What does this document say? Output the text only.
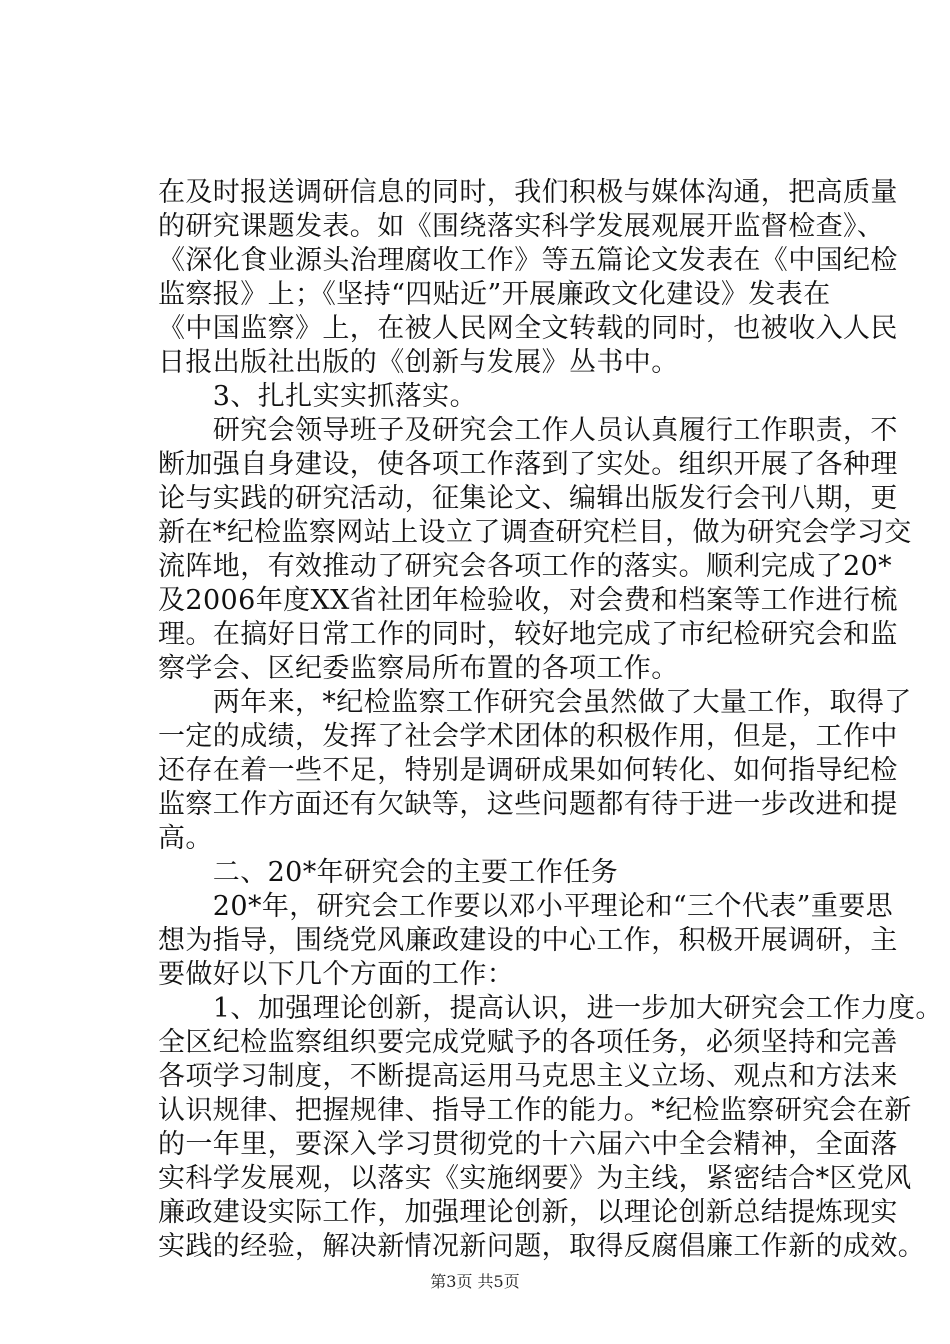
在及时报送调研信息的同时，我们积极与媒体沟通，把高质量
的研究课题发表。如《围绕落实科学发展观展开监督检查》、
《深化食业源头治理腐收工作》等五篇论文发表在《中国纪检
监察报》上；《坚持“四贴近”开展廉政文化建设》发表在
《中国监察》上，在被人民网全文转载的同时，也被收入人民
日报出版社出版的《创新与发展》丛书中。
　　3、扎扎实实抓落实。
　　研究会领导班子及研究会工作人员认真履行工作职责，不
断加强自身建设，使各项工作落到了实处。组织开展了各种理
论与实践的研究活动，征集论文、编辑出版发行会刊八期，更
新在*纪检监察网站上设立了调查研究栏目，做为研究会学习交
流阵地，有效推动了研究会各项工作的落实。顺利完成了20*
及2006年度XX省社团年检验收，对会费和档案等工作进行梳
理。在搞好日常工作的同时，较好地完成了市纪检研究会和监
察学会、区纪委监察局所布置的各项工作。
　　两年来，*纪检监察工作研究会虽然做了大量工作，取得了
一定的成绩，发挥了社会学术团体的积极作用，但是，工作中
还存在着一些不足，特别是调研成果如何转化、如何指导纪检
监察工作方面还有欠缺等，这些问题都有待于进一步改进和提
高。
　　二、20*年研究会的主要工作任务
　　20*年，研究会工作要以邓小平理论和“三个代表”重要思
想为指导，围绕党风廉政建设的中心工作，积极开展调研，主
要做好以下几个方面的工作：
　　1、加强理论创新，提高认识，进一步加大研究会工作力度。
全区纪检监察组织要完成党赋予的各项任务，必须坚持和完善
各项学习制度，不断提高运用马克思主义立场、观点和方法来
认识规律、把握规律、指导工作的能力。*纪检监察研究会在新
的一年里，要深入学习贯彻党的十六届六中全会精神，全面落
实科学发展观，以落实《实施纲要》为主线，紧密结合*区党风
廉政建设实际工作，加强理论创新，以理论创新总结提炼现实
实践的经验，解决新情况新问题，取得反腐倡廉工作新的成效。
第3页 共5页
